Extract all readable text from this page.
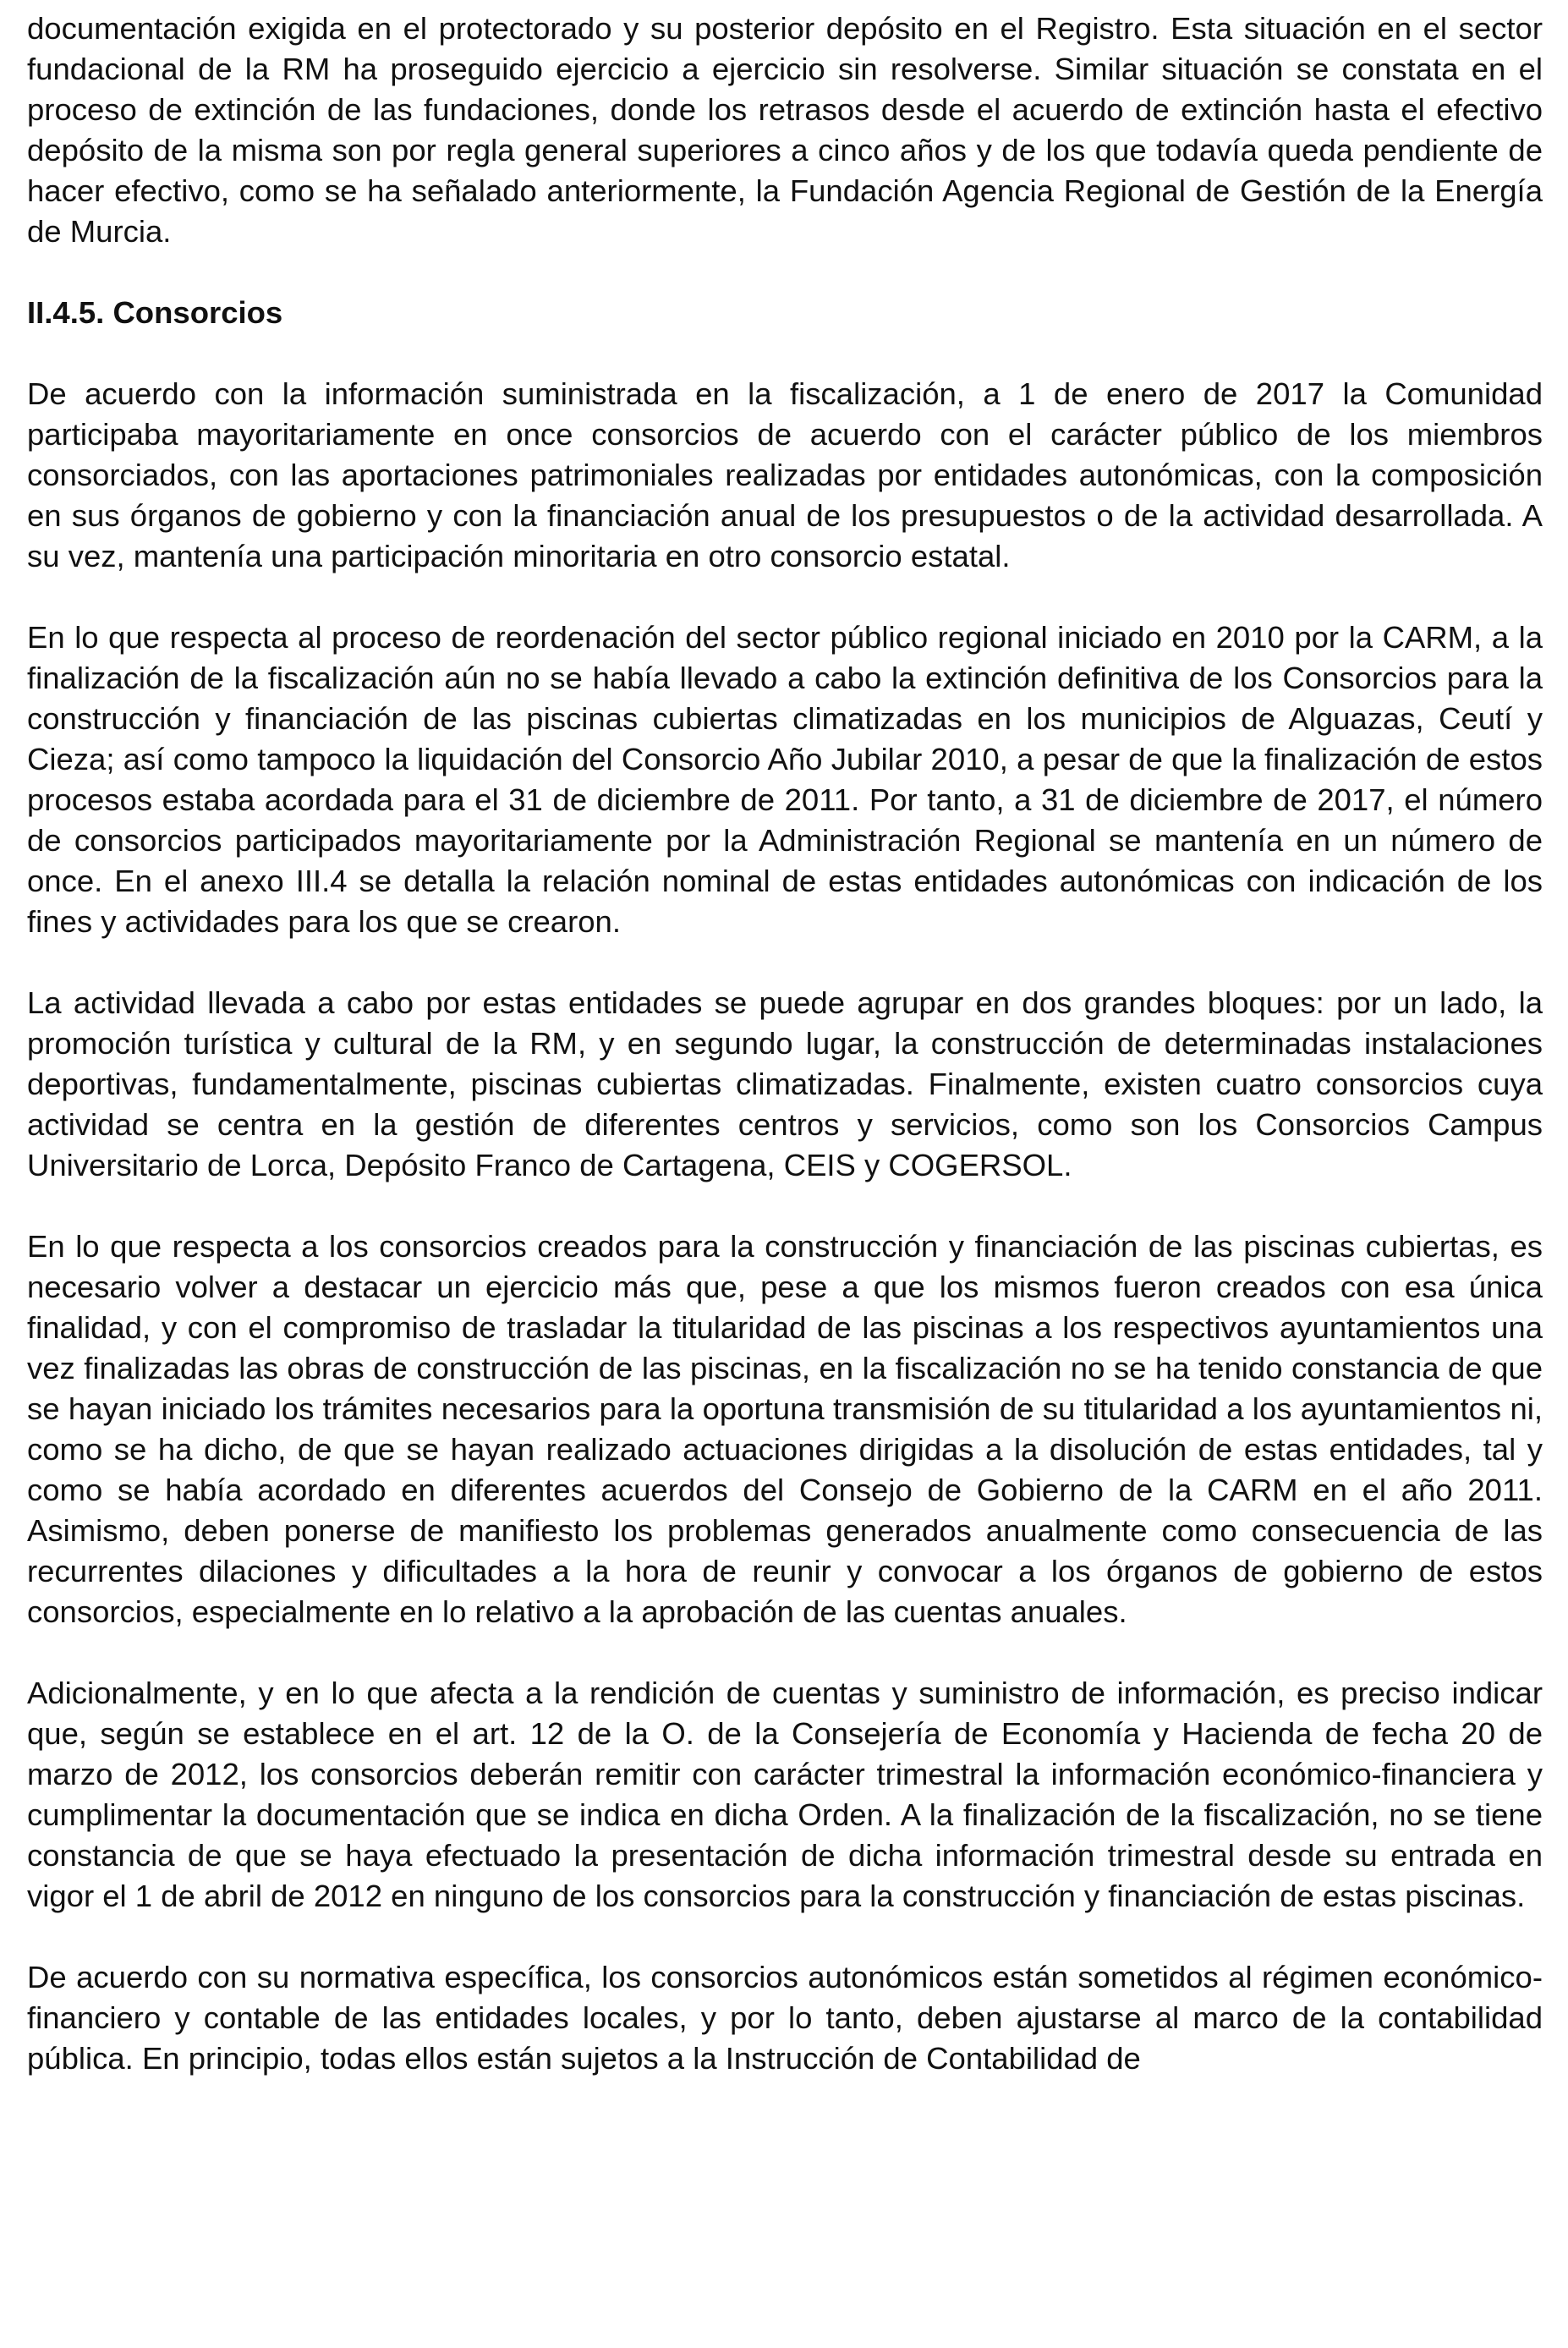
documentación exigida en el protectorado y su posterior depósito en el Registro. Esta situación en el sector fundacional de la RM ha proseguido ejercicio a ejercicio sin resolverse. Similar situación se constata en el proceso de extinción de las fundaciones, donde los retrasos desde el acuerdo de extinción hasta el efectivo depósito de la misma son por regla general superiores a cinco años y de los que todavía queda pendiente de hacer efectivo, como se ha señalado anteriormente, la Fundación Agencia Regional de Gestión de la Energía de Murcia.

II.4.5. Consorcios

De acuerdo con la información suministrada en la fiscalización, a 1 de enero de 2017 la Comunidad participaba mayoritariamente en once consorcios de acuerdo con el carácter público de los miembros consorciados, con las aportaciones patrimoniales realizadas por entidades autonómicas, con la composición en sus órganos de gobierno y con la financiación anual de los presupuestos o de la actividad desarrollada. A su vez, mantenía una participación minoritaria en otro consorcio estatal.

En lo que respecta al proceso de reordenación del sector público regional iniciado en 2010 por la CARM, a la finalización de la fiscalización aún no se había llevado a cabo la extinción definitiva de los Consorcios para la construcción y financiación de las piscinas cubiertas climatizadas en los municipios de Alguazas, Ceutí y Cieza; así como tampoco la liquidación del Consorcio Año Jubilar 2010, a pesar de que la finalización de estos procesos estaba acordada para el 31 de diciembre de 2011. Por tanto, a 31 de diciembre de 2017, el número de consorcios participados mayoritariamente por la Administración Regional se mantenía en un número de once. En el anexo III.4 se detalla la relación nominal de estas entidades autonómicas con indicación de los fines y actividades para los que se crearon.

La actividad llevada a cabo por estas entidades se puede agrupar en dos grandes bloques: por un lado, la promoción turística y cultural de la RM, y en segundo lugar, la construcción de determinadas instalaciones deportivas, fundamentalmente, piscinas cubiertas climatizadas. Finalmente, existen cuatro consorcios cuya actividad se centra en la gestión de diferentes centros y servicios, como son los Consorcios Campus Universitario de Lorca, Depósito Franco de Cartagena, CEIS y COGERSOL.

En lo que respecta a los consorcios creados para la construcción y financiación de las piscinas cubiertas, es necesario volver a destacar un ejercicio más que, pese a que los mismos fueron creados con esa única finalidad, y con el compromiso de trasladar la titularidad de las piscinas a los respectivos ayuntamientos una vez finalizadas las obras de construcción de las piscinas, en la fiscalización no se ha tenido constancia de que se hayan iniciado los trámites necesarios para la oportuna transmisión de su titularidad a los ayuntamientos ni, como se ha dicho, de que se hayan realizado actuaciones dirigidas a la disolución de estas entidades, tal y como se había acordado en diferentes acuerdos del Consejo de Gobierno de la CARM en el año 2011. Asimismo, deben ponerse de manifiesto los problemas generados anualmente como consecuencia de las recurrentes dilaciones y dificultades a la hora de reunir y convocar a los órganos de gobierno de estos consorcios, especialmente en lo relativo a la aprobación de las cuentas anuales.

Adicionalmente, y en lo que afecta a la rendición de cuentas y suministro de información, es preciso indicar que, según se establece en el art. 12 de la O. de la Consejería de Economía y Hacienda de fecha 20 de marzo de 2012, los consorcios deberán remitir con carácter trimestral la información económico-financiera y cumplimentar la documentación que se indica en dicha Orden. A la finalización de la fiscalización, no se tiene constancia de que se haya efectuado la presentación de dicha información trimestral desde su entrada en vigor el 1 de abril de 2012 en ninguno de los consorcios para la construcción y financiación de estas piscinas.

De acuerdo con su normativa específica, los consorcios autonómicos están sometidos al régimen económico-financiero y contable de las entidades locales, y por lo tanto, deben ajustarse al marco de la contabilidad pública. En principio, todas ellos están sujetos a la Instrucción de Contabilidad de
